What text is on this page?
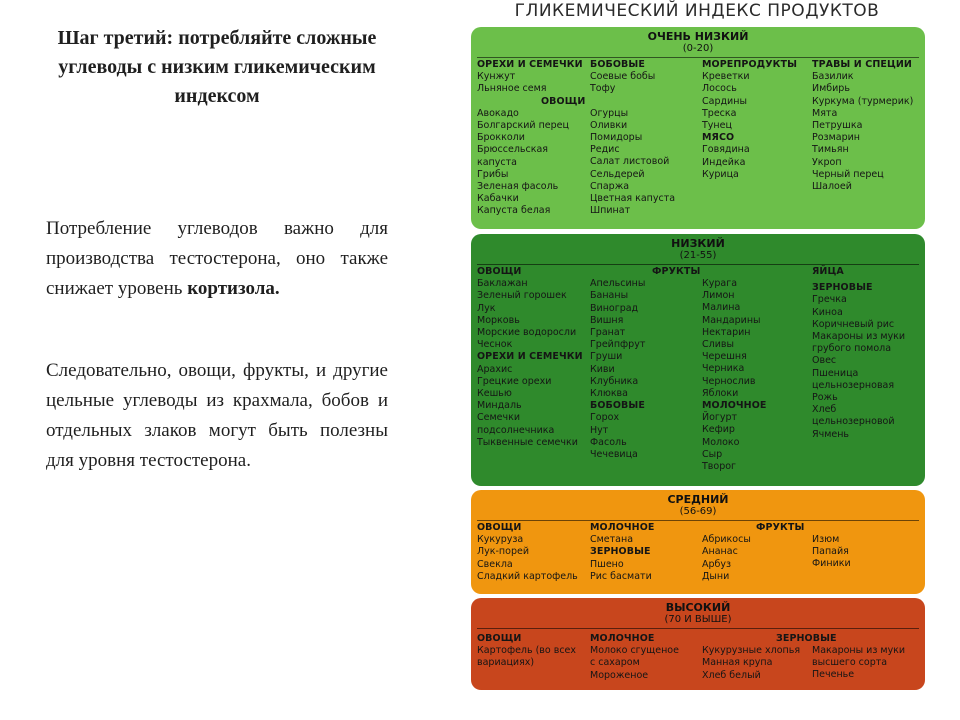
Шаг третий: потребляйте сложные углеводы с низким гликемическим индексом

Потребление углеводов важно для производства тестостерона, оно также снижает уровень кортизола.

Следовательно, овощи, фрукты, и другие цельные углеводы из крахмала, бобов и отдельных злаков могут быть полезны для уровня тестостерона.

ГЛИКЕМИЧЕСКИЙ ИНДЕКС ПРОДУКТОВ
ОЧЕНЬ НИЗКИЙ
(0-20)
ОРЕХИ И СЕМЕЧКИ
Кунжут
Льняное семя
ОВОЩИ
Авокадо
Болгарский перец
Брокколи
Брюссельская
капуста
Грибы
Зеленая фасоль
Кабачки
Капуста белая
БОБОВЫЕ
Соевые бобы
Тофу
Огурцы
Оливки
Помидоры
Редис
Салат листовой
Сельдерей
Спаржа
Цветная капуста
Шпинат
МОРЕПРОДУКТЫ
Креветки
Лосось
Сардины
Треска
Тунец
МЯСО
Говядина
Индейка
Курица
ТРАВЫ И СПЕЦИИ
Базилик
Имбирь
Куркума (турмерик)
Мята
Петрушка
Розмарин
Тимьян
Укроп
Черный перец
Шалоей
НИЗКИЙ
(21-55)
ОВОЩИ
Баклажан
Зеленый горошек
Лук
Морковь
Морские водоросли
Чеснок
ОРЕХИ И СЕМЕЧКИ
Арахис
Грецкие орехи
Кешью
Миндаль
Семечки
подсолнечника
Тыквенные семечки
ФРУКТЫ
Апельсины
Бананы
Виноград
Вишня
Гранат
Грейпфрут
Груши
Киви
Клубника
Клюква
БОБОВЫЕ
Горох
Нут
Фасоль
Чечевица
Курага
Лимон
Малина
Мандарины
Нектарин
Сливы
Черешня
Черника
Чернослив
Яблоки
МОЛОЧНОЕ
Йогурт
Кефир
Молоко
Сыр
Творог
ЯЙЦА
ЗЕРНОВЫЕ
Гречка
Киноа
Коричневый рис
Макароны из муки
грубого помола
Овес
Пшеница
цельнозерновая
Рожь
Хлеб
цельнозерновой
Ячмень
СРЕДНИЙ
(56-69)
ОВОЩИ
Кукуруза
Лук-порей
Свекла
Сладкий картофель
МОЛОЧНОЕ
Сметана
ЗЕРНОВЫЕ
Пшено
Рис басмати
ФРУКТЫ
Абрикосы
Ананас
Арбуз
Дыни
Изюм
Папайя
Финики
ВЫСОКИЙ
(70 И ВЫШЕ)
ОВОЩИ
Картофель (во всех
вариациях)
МОЛОЧНОЕ
Молоко сгущеное
с сахаром
Мороженое
ЗЕРНОВЫЕ
Кукурузные хлопья
Манная крупа
Хлеб белый
Макароны из муки
высшего сорта
Печенье
